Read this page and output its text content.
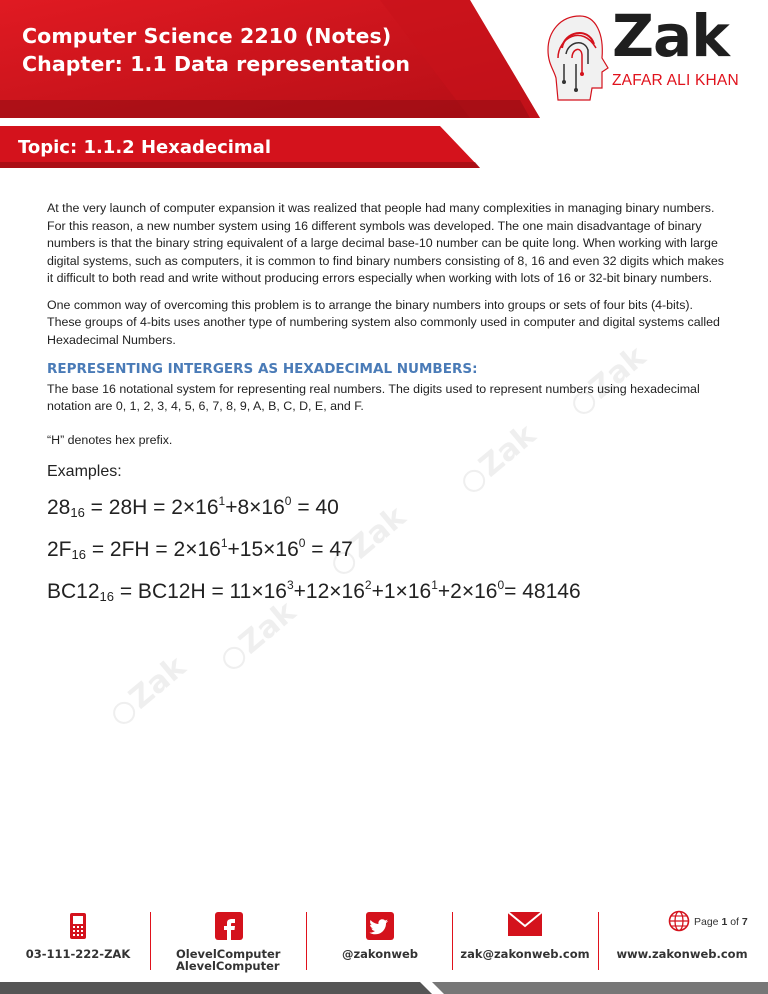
Computer Science 2210 (Notes)
Chapter: 1.1 Data representation	Zak
ZAFAR ALI KHAN
Topic: 1.1.2 Hexadecimal
Zak
Zak
Zak
Zak
Zak

At the very launch of computer expansion it was realized that people had many complexities in managing binary numbers. For this reason, a new number system using 16 different symbols was developed. The one main disadvantage of binary numbers is that the binary string equivalent of a large decimal base-10 number can be quite long. When working with large digital systems, such as computers, it is common to find binary numbers consisting of 8, 16 and even 32 digits which makes it difficult to both read and write without producing errors especially when working with lots of 16 or 32-bit binary numbers.

One common way of overcoming this problem is to arrange the binary numbers into groups or sets of four bits (4-bits). These groups of 4-bits uses another type of numbering system also commonly used in computer and digital systems called Hexadecimal Numbers.

REPRESENTING INTERGERS AS HEXADECIMAL NUMBERS:

The base 16 notational system for representing real numbers. The digits used to represent numbers using hexadecimal notation are 0, 1, 2, 3, 4, 5, 6, 7, 8, 9, A, B, C, D, E, and F.

“H” denotes hex prefix.

Examples:
$28_{16} = 28H = 2\times 16^1+8\times 16^0 = 40$
$2F_{16} = 2FH = 2\times 16^1+15\times 16^0 = 47$
$BC12_{16} = BC12H = 11\times 16^3+12\times 16^2+1\times 16^1+2\times 16^0= 48146$
Page 1 of 7
03-111-222-ZAK	OlevelComputer
AlevelComputer
@zakonweb	zak@zakonweb.com	www.zakonweb.com
